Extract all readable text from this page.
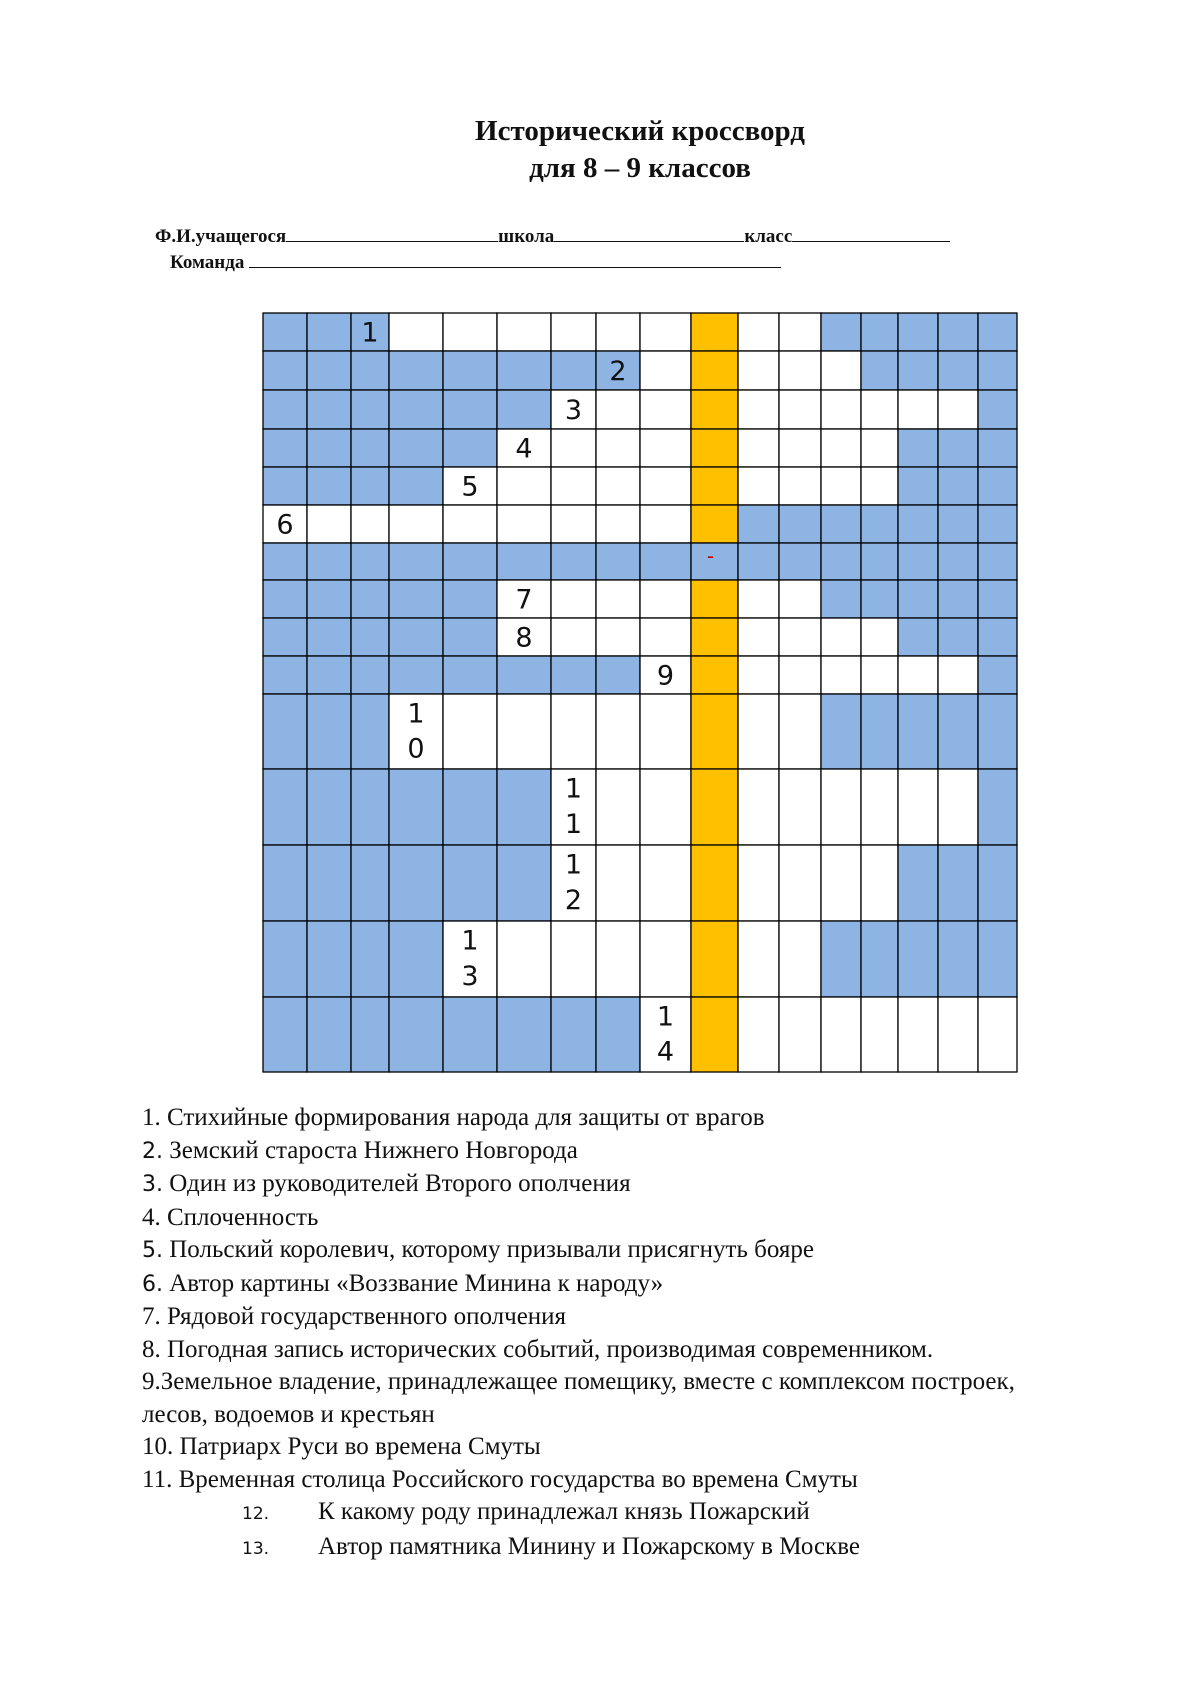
Исторический кроссворд
для 8 – 9 классов
Ф.И.учащегося	школа	класс
Команда
1
2
3
4
5
6
7
8
9
1 0
1 1
1 2
1 3
1 4
-
1. Стихийные формирования народа для защиты от врагов
2. Земский староста Нижнего Новгорода
3. Один из руководителей Второго ополчения
4. Сплоченность
5. Польский королевич, которому призывали присягнуть бояре
6. Автор картины «Воззвание Минина к народу»
7. Рядовой государственного ополчения
8. Погодная запись исторических событий, производимая современником.
9.Земельное владение, принадлежащее помещику, вместе с комплексом построек, лесов, водоемов и крестьян
10. Патриарх Руси во времена Смуты
11. Временная столица Российского государства во времена Смуты
12. К какому роду принадлежал князь Пожарский
13. Автор памятника Минину и Пожарскому в Москве
